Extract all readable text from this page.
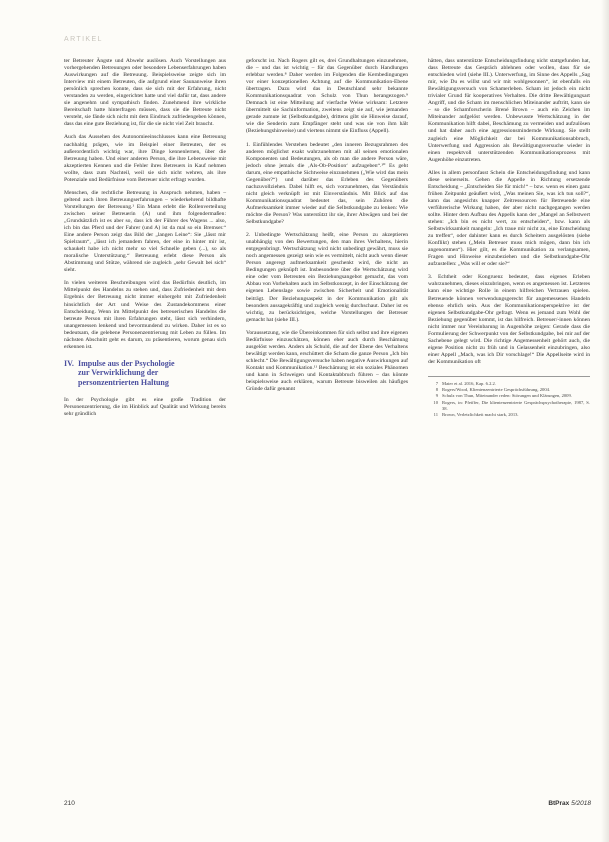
ARTIKEL

ter Betreuter Ängste und Abwehr auslösen. Auch Vorstellungen aus vorhergehenden Betreuungen oder besondere Lebenserfahrungen haben Auswirkungen auf die Betreuung. Beispielsweise zeigte sich im Interview mit einem Betreuten, die aufgrund einer Saunanweise ihren persönlich sprechen konnte, dass sie sich mit der Erfahrung, nicht verstanden zu werden, eingerichtet hatte und viel dafür tat, dass andere sie angenehm und sympathisch finden. Zunehmend ihre wirkliche Bereitschaft hatte hinterfragen müssen, dass sie die Betreute nicht versteht, sie fände sich nicht mit dem Eindruck zufriedengeben können, dass das eine gute Beziehung ist, für die sie nicht viel Zeit braucht.

Auch das Aussehen des Autonomieeinschlusses kann eine Betreuung nachhaltig prägen, wie im Beispiel einer Betreuten, der es außerordentlich wichtig war, ihre Dinge kennenlernen, über die Betreuung haben. Und einer anderen Person, die ihre Lebensweise mit akzeptierten Kennen und die Fehler ihres Betreuers in Kauf nehmen wollte, dass zum Nachteil, weil sie sich nicht wehren, als ihre Potenziale und Bedürfnisse vom Betreuer nicht erfragt wurden.

Menschen, die rechtliche Betreuung in Anspruch nehmen, haben – geltend auch ihren Betreuungserfahrungen – wiederkehrend bildhafte Vorstellungen der Betreuung.¹ Ein Mann erlebt die Rollenverteilung zwischen seiner Betreuerin (A) und ihm folgendermaßen: „Grundsätzlich ist es aber so, dass ich der Führer des Wagens ... also, ich bin das Pferd und der Fahrer (und A) ist da mal so ein Bremser.“ Eine andere Person zeigt das Bild der „langen Leine“: Sie „lässt mir Spielraum“, „lässt ich jemandem fahren, der eine in hinter mir ist, schaukelt habe ich nicht mehr so viel Schnelle geben (...), so als moralische Unterstützung.“ Betreuung erlebt diese Person als Abstimmung und Stütze, während sie zugleich „sehr Gewalt bei sich“ sieht.

In vielen weiteren Beschreibungen wird das Bedürfnis deutlich, im Mittelpunkt des Handelns zu stehen und, dass Zufriedenheit mit dem Ergebnis der Betreuung nicht immer einhergeht mit Zufriedenheit hinsichtlich der Art und Weise des Zustandekommens einer Entscheidung. Wenn im Mittelpunkt des betreuerischen Handelns die betreute Person mit ihren Erfahrungen steht, lässt sich verhindern, unangemessen lenkend und bevormundend zu wirken. Daher ist es so bedeutsam, die gelebene Personenzentrierung mit Leben zu füllen. Im nächsten Abschnitt geht es darum, zu präsentieren, worum genau sich erkennen ist.

IV. Impulse aus der Psychologie
zur Verwirklichung der
personzentrierten Haltung

In der Psychologie gibt es eine große Tradition der Personenzentrierung, die im Hinblick auf Qualität und Wirkung bereits sehr gründlich

geforscht ist. Nach Rogers gilt es, drei Grundhaltungen einzunehmen, die – und das ist wichtig – für das Gegenüber durch Handlungen erlebbar werden.⁸ Daher werden im Folgenden die Kernbedingungen vor einer konzeptionellen Achtung auf die Kommunikation-Ebene übertragen. Dazu wird das in Deutschland sehr bekannte Kommunikationsquadrat von Schulz von Thun herangezogen.⁹ Demnach ist eine Mitteilung auf vierfache Weise wirksam: Letztere übermittelt sie Sachinformation, zweitens zeigt sie auf, wie jemanden gerade zumute ist (Selbstkundgabe), drittens gibt sie Hinweise darauf, wie die Senderin zum Empfänger steht und was sie von ihm hält (Beziehungshinweise) und viertens nimmt sie Einfluss (Appell).

1. Einfühlendes Verstehen bedeutet „den inneren Bezugsrahmen des anderen möglichst exakt wahrzunehmen mit all seinen emotionalen Komponenten und Bedeutungen, als ob man die andere Person wäre, jedoch ohne jemals die ,Als-Ob-Position‘ aufzugeben“.¹⁰ Es geht darum, eine empathische Sichtweise einzunehmen („Wie wird das mein Gegenüber?“) und darüber das Erleben des Gegenübers nachzuvollziehen. Dabei hilft es, sich vorzunehmen, das Verständnis nicht gleich verknüpft ist mit Einverständnis. Mit Blick auf das Kommunikationsquadrat bedeutet das, sein Zuhören die Aufmerksamkeit immer wieder auf die Selbstkundgabe zu lenken: Wie möchte die Person? Was unterstützt ihr sie, ihrer Abwägen und bei der Selbstkundgabe?

2. Unbedingte Wertschätzung heißt, eine Person zu akzeptieren unabhängig von den Bewertungen, den man ihres Verhaltens, hierin entgegenbringt. Wertschätzung wird nicht unbedingt gewährt, muss sie noch angemessen gezeigt sein wie es vermittelt, nicht auch wenn dieser Person angeregt aufmerksamkeit geschenkt wird, die nicht an Bedingungen geknüpft ist. Insbesondere über die Wertschätzung wird eine oder vom Betreuten ein Beziehungsangebot gemacht, das vom Abbau von Vorbehalten auch im Selbstkonzept, in der Einschätzung der eigenen Lebenslage sowie zwischen Sicherheit und Emotionalität beiträgt. Der Beziehungsaspekt in der Kommunikation gilt als besonders aussagekräftig und zugleich wenig durchschaut. Daher ist es wichtig, zu berücksichtigen, welche Vorstellungen der Betreuer gemacht hat (siehe III.).

Voraussetzung, wie die Übereinkommen für sich selbst und ihre eigenen Bedürfnisse einzuschätzen, können eher auch durch Beschämung ausgelöst werden. Anders als Schuld, die auf der Ebene des Verhaltens bewältigt werden kann, erschüttert die Scham die ganze Person „Ich bin schlecht.“ Die Bewältigungsversuche haben negative Auswirkungen auf Kontakt und Kommunikation.¹¹ Beschämung ist ein soziales Phänomen und kann in Schweigen und Kontaktabbruch führen – das könnte beispielsweise auch erklären, warum Betreute bisweilen als häufiges Gründe dafür genannt

hätten, dass unterstützte Entscheidungsfindung nicht stattgefunden hat, dass Betreute das Gespräch ablehnen oder wollen, dass für sie entschieden wird (siehe III.). Unterwerfung, im Sinne des Appells „Sag mir, wie Du es willst und wir mit wohlgesonnen“, ist ebenfalls ein Bewältigungsversuch von Schamerleben. Scham ist jedoch ein nicht trivialer Grund für kooperatives Verhalten. Die dritte Bewältigungsart Angriff, und die Scham im menschlichen Miteinander auftritt, kann sie – so die Schamforscherin Brené Brown – auch ein Zeichen im Miteinander aufgelöst werden. Unbewusste Wertschätzung in der Kommunikation hilft dabei, Beschämung zu vermeiden und aufzulösen und hat daher auch eine aggressionsmindernde Wirkung. Sie stellt zugleich eine Möglichkeit dar bei Kommunikationsabbruch, Unterwerfung und Aggression als Bewältigungsversuche wieder in einen respektvoll unterstützenden Kommunikationsprozess mit Augenhöhe einzutreten.

Alles in allem personfasst Schein die Entscheidungsfindung und kann diese seinerseits. Gehen die Appelle in Richtung ersetzende Entscheidung – „Entscheiden Sie für mich!“ – bzw. wenn es einen ganz frühen Zeitpunkt geäußert wird, „Was meinen Sie, was ich tun soll?“, kann das angesichts knapper Zeitressourcen für Betreuende eine verführerische Wirkung haben, der aber nicht nachgegangen werden sollte. Hinter dem Aufbau des Appells kann der „Mangel an Selbstwert stehen: „Ich bin es nicht wert, zu entscheiden“, bzw. kann als Selbstwirksamkeit mangeln: „Ich traue mir nicht zu, eine Entscheidung zu treffen“, oder dahinter kann es durch Scheitern ausgelösten (siehe Konflikt) stehen („Mein Betreuer muss mich mögen, dann bin ich angenommen“). Hier gilt, es die Kommunikation zu verlangsamen, Fragen und Hinweise einzubeziehen und die Selbstkundgabe-Ohr aufzustellen: „Was will er oder sie?“

3. Echtheit oder Kongruenz bedeutet, dass eigenes Erleben wahrzunehmen, dieses einzubringen, wenn es angemessen ist. Letzteres kann eine wichtige Rolle in einem hilfreichen Vertrauen spielen. Betreuende können verwendungsgerecht für angemessenes Handeln ebenso ehrlich sein. Aus der Kommunikationsperspektive ist der eigenen Selbstkundgabe-Ohr gefragt. Wenn es jemand zum Wohl der Beziehung gegenüber kommt, ist das hilfreich. Betreuer/-innen können nicht immer nur Vereinbarung in Augenhöhe zeigen: Gerade dass die Formulierung der Schwerpunkt von der Selbstkundgabe, bei mir auf der Sachebene gelegt wird. Die richtige Angemessenheit gehört auch, die eigene Position nicht zu früh und in Gelassenheit einzubringen, also einer Appell „Mach, was ich Dir vorschlage!“ Die Appellseite wird in der Kommunikation oft

7 Maier et al. 2016, Kap. 6.2.2.
8 Rogers/Wood, Klientenzentrierte Gesprächsführung, 2004.
9 Schulz von Thun, Miteinander reden: Störungen und Klärungen, 2009.
10 Rogers, in: Pfeiffer, Die klientenzentrierte Gesprächspsychotherapie, 1987, S. 38.
11 Brown, Verletzlichkeit macht stark, 2013.
210	BtPrax 5/2018
